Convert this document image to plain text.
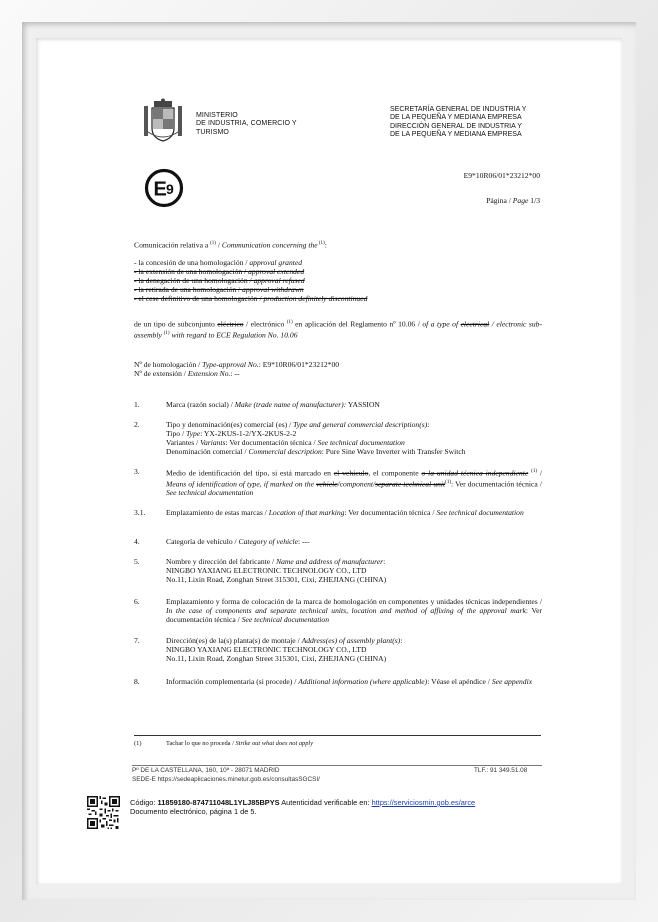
MINISTERIO
DE INDUSTRIA, COMERCIO Y
TURISMO
SECRETARÍA GENERAL DE INDUSTRIA Y
DE LA PEQUEÑA Y MEDIANA EMPRESA
DIRECCIÓN GENERAL DE INDUSTRIA Y
DE LA PEQUEÑA Y MEDIANA EMPRESA
E 9
E9*10R06/01*23212*00
Página / Page 1/3
Comunicación relativa a $^{(1)}$ / Communication concerning the $^{(1)}$:
- la concesión de una homologación / approval granted
- la extensión de una homologación / approval extended
- la denegación de una homologación / approval refused
- la retirada de una homologación / approval withdrawn
- el cese definitivo de una homologación / production definitely discontinued
de un tipo de subconjunto eléctrico / electrónico $^{(1)}$ en aplicación del Reglamento nº 10.06 / of a type of electrical / electronic sub-assembly $^{(1)}$ with regard to ECE Regulation No. 10.06
Nº de homologación / Type-approval No.: E9*10R06/01*23212*00
Nº de extensión / Extension No.: --
1.	Marca (razón social) / Make (trade name of manufacturer): YASSION
2.	Tipo y denominación(es) comercial (es) / Type and general commercial description(s):
Tipo / Type: YX-2KUS-1-2/YX-2KUS-2-2
Variantes / Variants: Ver documentación técnica / See technical documentation
Denominación comercial / Commercial description: Pure Sine Wave Inverter with Transfer Switch
3.	Medio de identificación del tipo, si está marcado en el vehículo, el componente o la unidad técnica independiente $^{(1)}$ / Means of identification of type, if marked on the vehicle/component/separate technical unit$^{(1)}$: Ver documentación técnica / See technical documentation
3.1.	Emplazamiento de estas marcas / Location of that marking: Ver documentación técnica / See technical documentation
4.	Categoría de vehículo / Category of vehicle: ---
5.	Nombre y dirección del fabricante / Name and address of manufacturer:
NINGBO YAXIANG ELECTRONIC TECHNOLOGY CO., LTD
No.11, Lixin Road, Zonghan Street 315301, Cixi, ZHEJIANG (CHINA)
6.	Emplazamiento y forma de colocación de la marca de homologación en componentes y unidades técnicas independientes / In the case of components and separate technical units, location and method of affixing of the approval mark: Ver documentación técnica / See technical documentation
7.	Dirección(es) de la(s) planta(s) de montaje / Address(es) of assembly plant(s):
NINGBO YAXIANG ELECTRONIC TECHNOLOGY CO., LTD
No.11, Lixin Road, Zonghan Street 315301, Cixi, ZHEJIANG (CHINA)
8.	Información complementaria (si procede) / Additional information (where applicable): Véase el apéndice / See appendix
(1)	Tachar lo que no proceda / Strike out what does not apply
Pº DE LA CASTELLANA, 160, 10ª - 28071 MADRID	TLF.: 91 349.51.08
SEDE-E https://sedeaplicaciones.minetur.gob.es/consultasSGCSI/
Código: 11859180-874711048L1YLJ85BPYS Autenticidad verificable en: https://serviciosmin.gob.es/arce
Documento electrónico, página 1 de 5.
